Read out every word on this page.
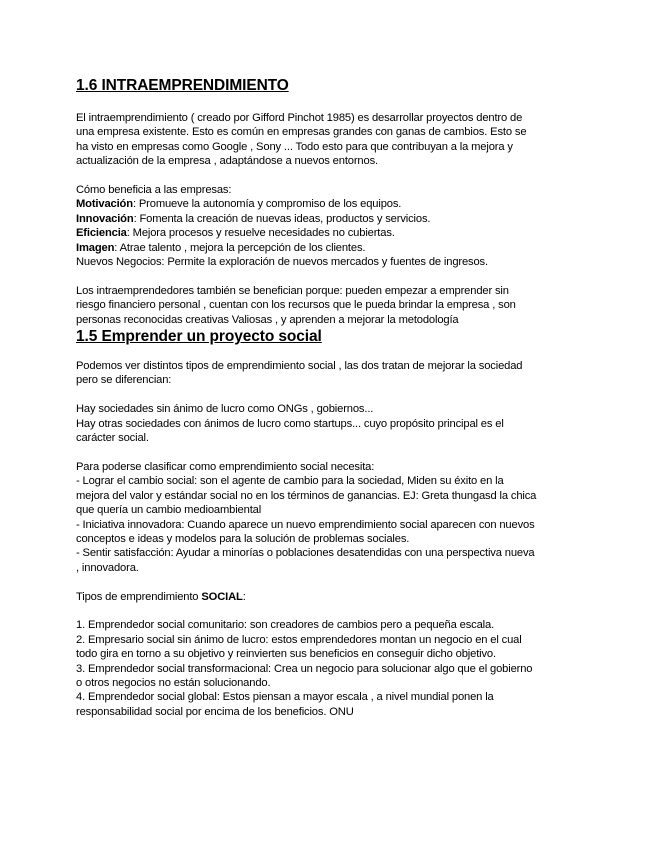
1.6 INTRAEMPRENDIMIENTO

El intraemprendimiento ( creado por Gifford Pinchot 1985) es desarrollar proyectos dentro de

una empresa existente. Esto es común en empresas grandes con ganas de cambios. Esto se

ha visto en empresas como Google , Sony ... Todo esto para que contribuyan a la mejora y

actualización de la empresa , adaptándose a nuevos entornos.

Cómo beneficia a las empresas:

Motivación: Promueve la autonomía y compromiso de los equipos.

Innovación: Fomenta la creación de nuevas ideas, productos y servicios.

Eficiencia: Mejora procesos y resuelve necesidades no cubiertas.

Imagen: Atrae talento , mejora la percepción de los clientes.

Nuevos Negocios: Permite la exploración de nuevos mercados y fuentes de ingresos.

Los intraemprendedores también se benefician porque: pueden empezar a emprender sin

riesgo financiero personal , cuentan con los recursos que le pueda brindar la empresa , son

personas reconocidas creativas Valiosas , y aprenden a mejorar la metodología

1.5 Emprender un proyecto social

Podemos ver distintos tipos de emprendimiento social , las dos tratan de mejorar la sociedad

pero se diferencian:

Hay sociedades sin ánimo de lucro como ONGs , gobiernos...

Hay otras sociedades con ánimos de lucro como startups... cuyo propósito principal es el

carácter social.

Para poderse clasificar como emprendimiento social necesita:

- Lograr el cambio social: son el agente de cambio para la sociedad, Miden su éxito en la

mejora del valor y estándar social no en los términos de ganancias. EJ: Greta thungasd la chica

que quería un cambio medioambiental

- Iniciativa innovadora: Cuando aparece un nuevo emprendimiento social aparecen con nuevos

conceptos e ideas y modelos para la solución de problemas sociales.

- Sentir satisfacción: Ayudar a minorías o poblaciones desatendidas con una perspectiva nueva

, innovadora.

Tipos de emprendimiento SOCIAL:

1. Emprendedor social comunitario: son creadores de cambios pero a pequeña escala.

2. Empresario social sin ánimo de lucro: estos emprendedores montan un negocio en el cual

todo gira en torno a su objetivo y reinvierten sus beneficios en conseguir dicho objetivo.

3. Emprendedor social transformacional: Crea un negocio para solucionar algo que el gobierno

o otros negocios no están solucionando.

4. Emprendedor social global: Estos piensan a mayor escala , a nivel mundial ponen la

responsabilidad social por encima de los beneficios. ONU
